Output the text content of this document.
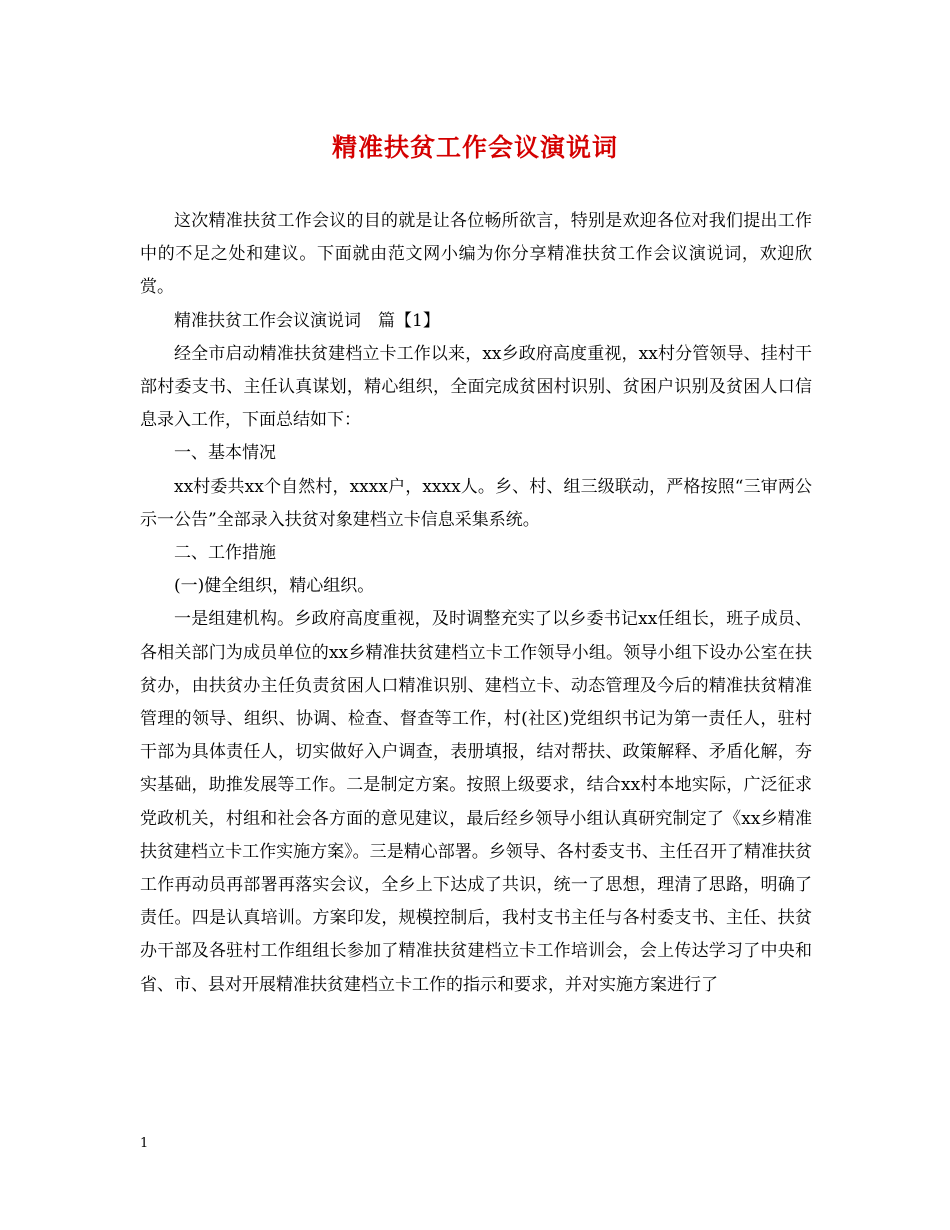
精准扶贫工作会议演说词

这次精准扶贫工作会议的目的就是让各位畅所欲言，特别是欢迎各位对我们提出工作中的不足之处和建议。下面就由范文网小编为你分享精准扶贫工作会议演说词，欢迎欣赏。

精准扶贫工作会议演说词　篇【1】

经全市启动精准扶贫建档立卡工作以来，xx乡政府高度重视，xx村分管领导、挂村干部村委支书、主任认真谋划，精心组织，全面完成贫困村识别、贫困户识别及贫困人口信息录入工作，下面总结如下：

一、基本情况

xx村委共xx个自然村，xxxx户，xxxx人。乡、村、组三级联动，严格按照“三审两公示一公告”全部录入扶贫对象建档立卡信息采集系统。

二、工作措施

(一)健全组织，精心组织。

一是组建机构。乡政府高度重视，及时调整充实了以乡委书记xx任组长，班子成员、各相关部门为成员单位的xx乡精准扶贫建档立卡工作领导小组。领导小组下设办公室在扶贫办，由扶贫办主任负责贫困人口精准识别、建档立卡、动态管理及今后的精准扶贫精准管理的领导、组织、协调、检查、督查等工作，村(社区)党组织书记为第一责任人，驻村干部为具体责任人，切实做好入户调查，表册填报，结对帮扶、政策解释、矛盾化解，夯实基础，助推发展等工作。二是制定方案。按照上级要求，结合xx村本地实际，广泛征求党政机关，村组和社会各方面的意见建议，最后经乡领导小组认真研究制定了《xx乡精准扶贫建档立卡工作实施方案》。三是精心部署。乡领导、各村委支书、主任召开了精准扶贫工作再动员再部署再落实会议，全乡上下达成了共识，统一了思想，理清了思路，明确了责任。四是认真培训。方案印发，规模控制后，我村支书主任与各村委支书、主任、扶贫办干部及各驻村工作组组长参加了精准扶贫建档立卡工作培训会，会上传达学习了中央和省、市、县对开展精准扶贫建档立卡工作的指示和要求，并对实施方案进行了

1
